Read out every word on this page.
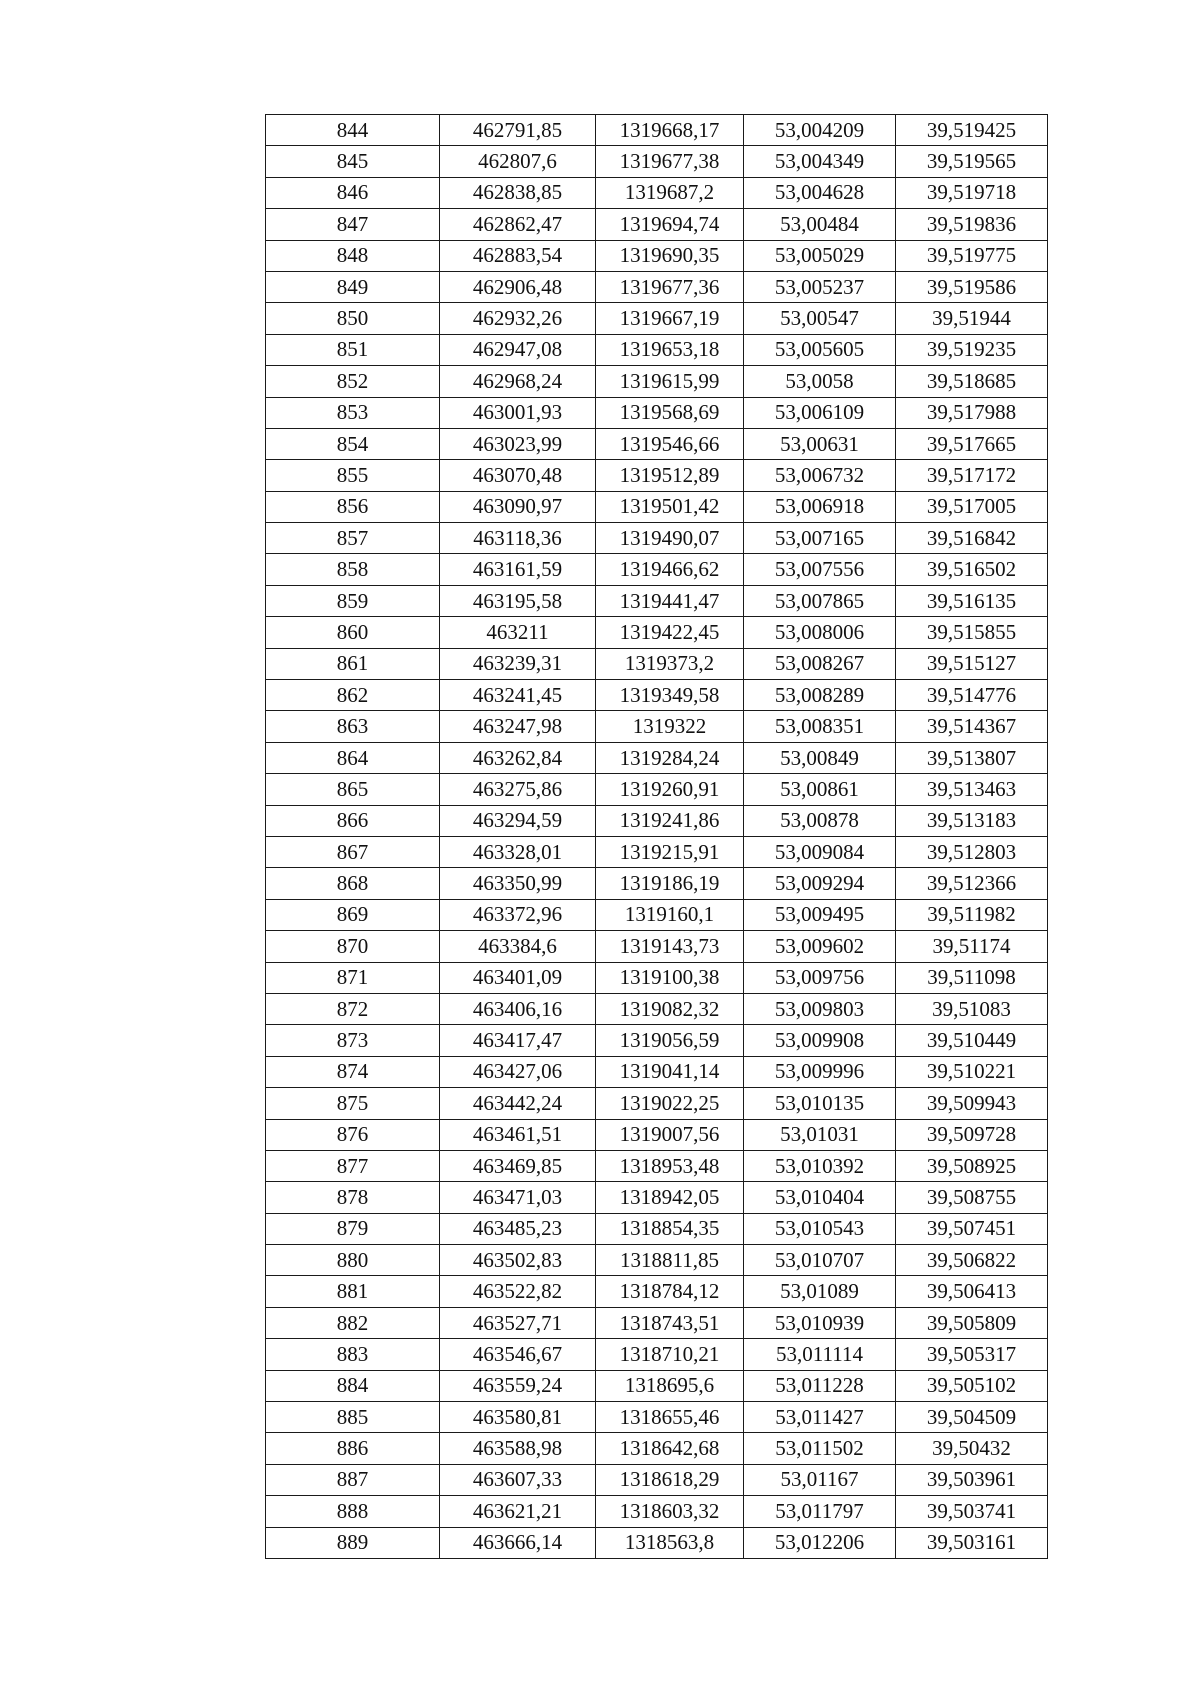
844	462791,85	1319668,17	53,004209	39,519425
845	462807,6	1319677,38	53,004349	39,519565
846	462838,85	1319687,2	53,004628	39,519718
847	462862,47	1319694,74	53,00484	39,519836
848	462883,54	1319690,35	53,005029	39,519775
849	462906,48	1319677,36	53,005237	39,519586
850	462932,26	1319667,19	53,00547	39,51944
851	462947,08	1319653,18	53,005605	39,519235
852	462968,24	1319615,99	53,0058	39,518685
853	463001,93	1319568,69	53,006109	39,517988
854	463023,99	1319546,66	53,00631	39,517665
855	463070,48	1319512,89	53,006732	39,517172
856	463090,97	1319501,42	53,006918	39,517005
857	463118,36	1319490,07	53,007165	39,516842
858	463161,59	1319466,62	53,007556	39,516502
859	463195,58	1319441,47	53,007865	39,516135
860	463211	1319422,45	53,008006	39,515855
861	463239,31	1319373,2	53,008267	39,515127
862	463241,45	1319349,58	53,008289	39,514776
863	463247,98	1319322	53,008351	39,514367
864	463262,84	1319284,24	53,00849	39,513807
865	463275,86	1319260,91	53,00861	39,513463
866	463294,59	1319241,86	53,00878	39,513183
867	463328,01	1319215,91	53,009084	39,512803
868	463350,99	1319186,19	53,009294	39,512366
869	463372,96	1319160,1	53,009495	39,511982
870	463384,6	1319143,73	53,009602	39,51174
871	463401,09	1319100,38	53,009756	39,511098
872	463406,16	1319082,32	53,009803	39,51083
873	463417,47	1319056,59	53,009908	39,510449
874	463427,06	1319041,14	53,009996	39,510221
875	463442,24	1319022,25	53,010135	39,509943
876	463461,51	1319007,56	53,01031	39,509728
877	463469,85	1318953,48	53,010392	39,508925
878	463471,03	1318942,05	53,010404	39,508755
879	463485,23	1318854,35	53,010543	39,507451
880	463502,83	1318811,85	53,010707	39,506822
881	463522,82	1318784,12	53,01089	39,506413
882	463527,71	1318743,51	53,010939	39,505809
883	463546,67	1318710,21	53,011114	39,505317
884	463559,24	1318695,6	53,011228	39,505102
885	463580,81	1318655,46	53,011427	39,504509
886	463588,98	1318642,68	53,011502	39,50432
887	463607,33	1318618,29	53,01167	39,503961
888	463621,21	1318603,32	53,011797	39,503741
889	463666,14	1318563,8	53,012206	39,503161
